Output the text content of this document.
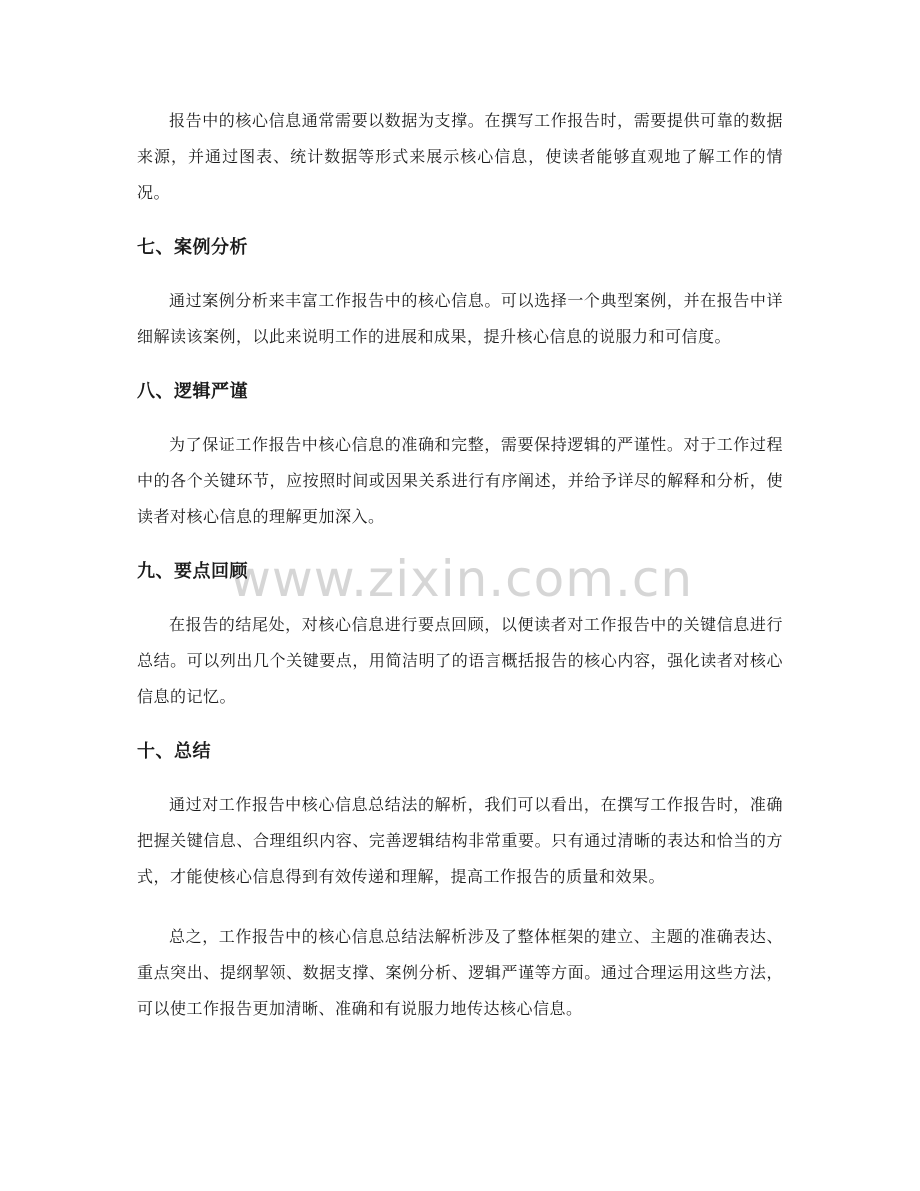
www.zixin.com.cn

报告中的核心信息通常需要以数据为支撑。在撰写工作报告时，需要提供可靠的数据来源，并通过图表、统计数据等形式来展示核心信息，使读者能够直观地了解工作的情况。

七、案例分析

通过案例分析来丰富工作报告中的核心信息。可以选择一个典型案例，并在报告中详细解读该案例，以此来说明工作的进展和成果，提升核心信息的说服力和可信度。

八、逻辑严谨

为了保证工作报告中核心信息的准确和完整，需要保持逻辑的严谨性。对于工作过程中的各个关键环节，应按照时间或因果关系进行有序阐述，并给予详尽的解释和分析，使读者对核心信息的理解更加深入。

九、要点回顾

在报告的结尾处，对核心信息进行要点回顾，以便读者对工作报告中的关键信息进行总结。可以列出几个关键要点，用简洁明了的语言概括报告的核心内容，强化读者对核心信息的记忆。

十、总结

通过对工作报告中核心信息总结法的解析，我们可以看出，在撰写工作报告时，准确把握关键信息、合理组织内容、完善逻辑结构非常重要。只有通过清晰的表达和恰当的方式，才能使核心信息得到有效传递和理解，提高工作报告的质量和效果。

总之，工作报告中的核心信息总结法解析涉及了整体框架的建立、主题的准确表达、重点突出、提纲挈领、数据支撑、案例分析、逻辑严谨等方面。通过合理运用这些方法，可以使工作报告更加清晰、准确和有说服力地传达核心信息。
